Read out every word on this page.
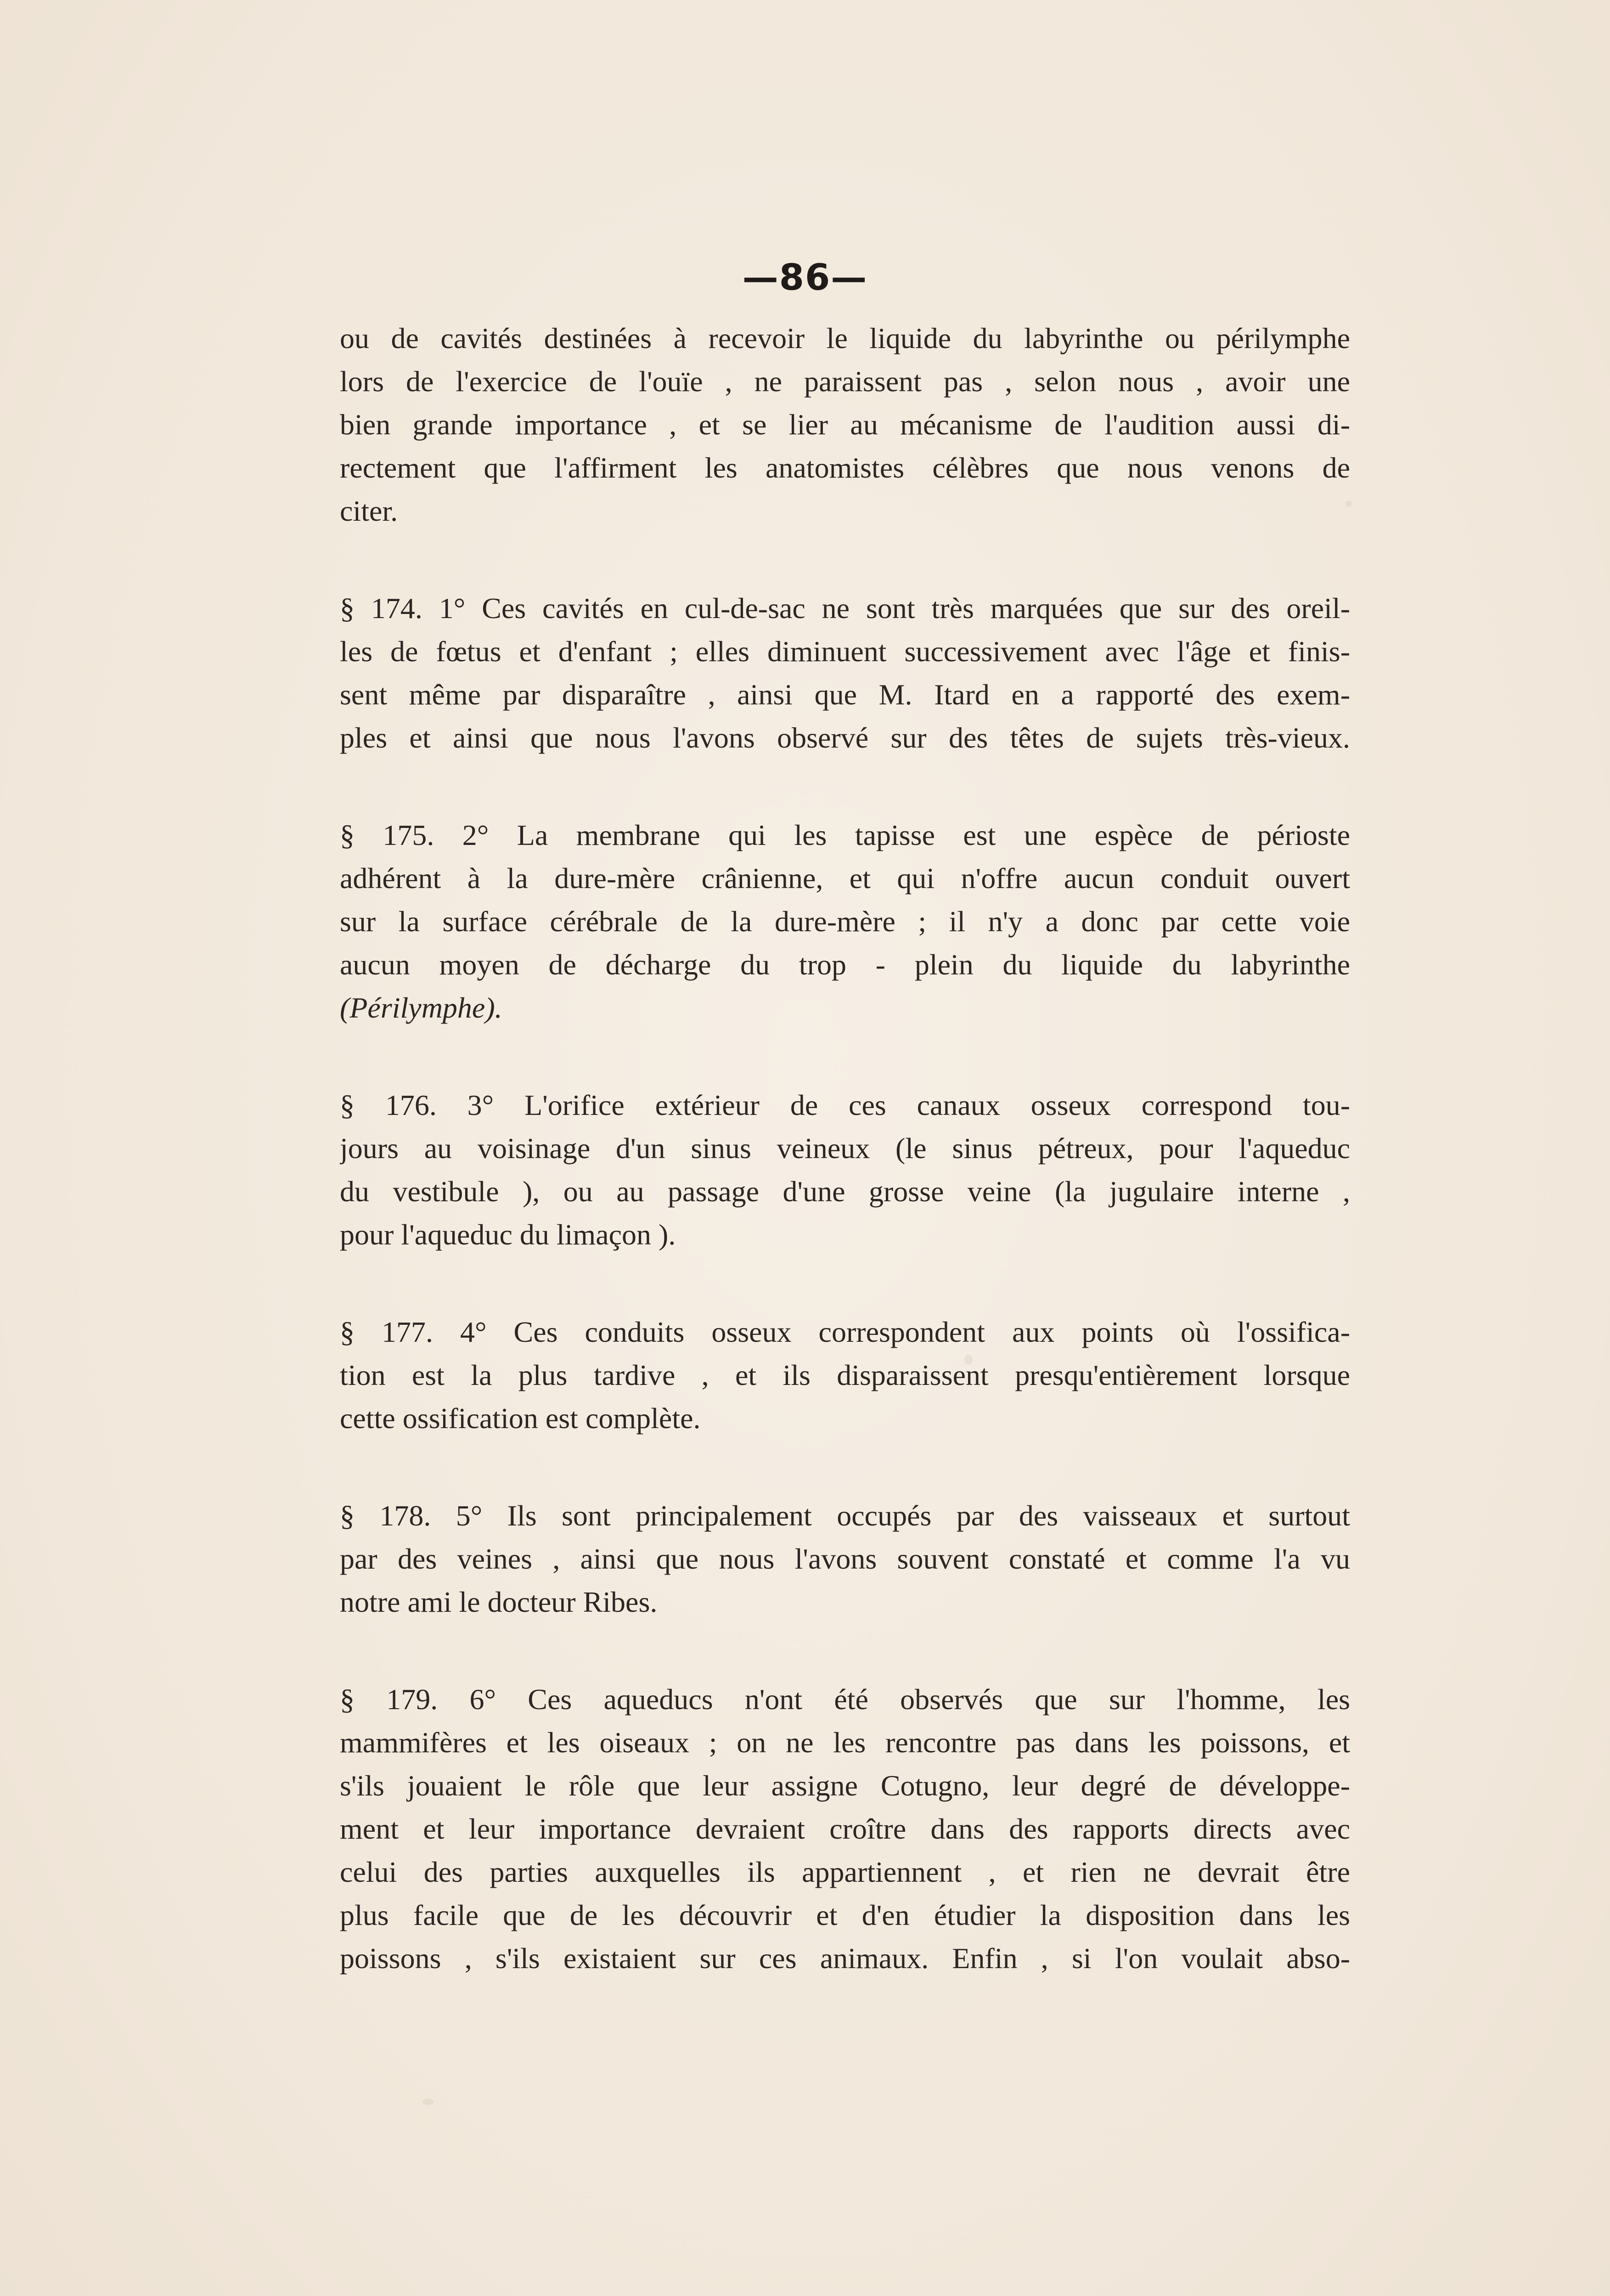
—86—

ou de cavités destinées à recevoir le liquide du labyrinthe ou périlymphe
lors de l'exercice de l'ouïe , ne paraissent pas , selon nous , avoir une
bien grande importance , et se lier au mécanisme de l'audition aussi di-
rectement que l'affirment les anatomistes célèbres que nous venons de
citer.

§ 174. 1° Ces cavités en cul-de-sac ne sont très marquées que sur des oreil-
les de fœtus et d'enfant ; elles diminuent successivement avec l'âge et finis-
sent même par disparaître , ainsi que M. Itard en a rapporté des exem-
ples et ainsi que nous l'avons observé sur des têtes de sujets très-vieux.

§ 175. 2° La membrane qui les tapisse est une espèce de périoste
adhérent à la dure-mère crânienne, et qui n'offre aucun conduit ouvert
sur la surface cérébrale de la dure-mère ; il n'y a donc par cette voie
aucun moyen de décharge du trop - plein du liquide du labyrinthe
(Périlymphe).

§ 176. 3° L'orifice extérieur de ces canaux osseux correspond tou-
jours au voisinage d'un sinus veineux (le sinus pétreux, pour l'aqueduc
du vestibule ), ou au passage d'une grosse veine (la jugulaire interne ,
pour l'aqueduc du limaçon ).

§ 177. 4° Ces conduits osseux correspondent aux points où l'ossifica-
tion est la plus tardive , et ils disparaissent presqu'entièrement lorsque
cette ossification est complète.

§ 178. 5° Ils sont principalement occupés par des vaisseaux et surtout
par des veines , ainsi que nous l'avons souvent constaté et comme l'a vu
notre ami le docteur Ribes.

§ 179. 6° Ces aqueducs n'ont été observés que sur l'homme, les
mammifères et les oiseaux ; on ne les rencontre pas dans les poissons, et
s'ils jouaient le rôle que leur assigne Cotugno, leur degré de développe-
ment et leur importance devraient croître dans des rapports directs avec
celui des parties auxquelles ils appartiennent , et rien ne devrait être
plus facile que de les découvrir et d'en étudier la disposition dans les
poissons , s'ils existaient sur ces animaux. Enfin , si l'on voulait abso-
